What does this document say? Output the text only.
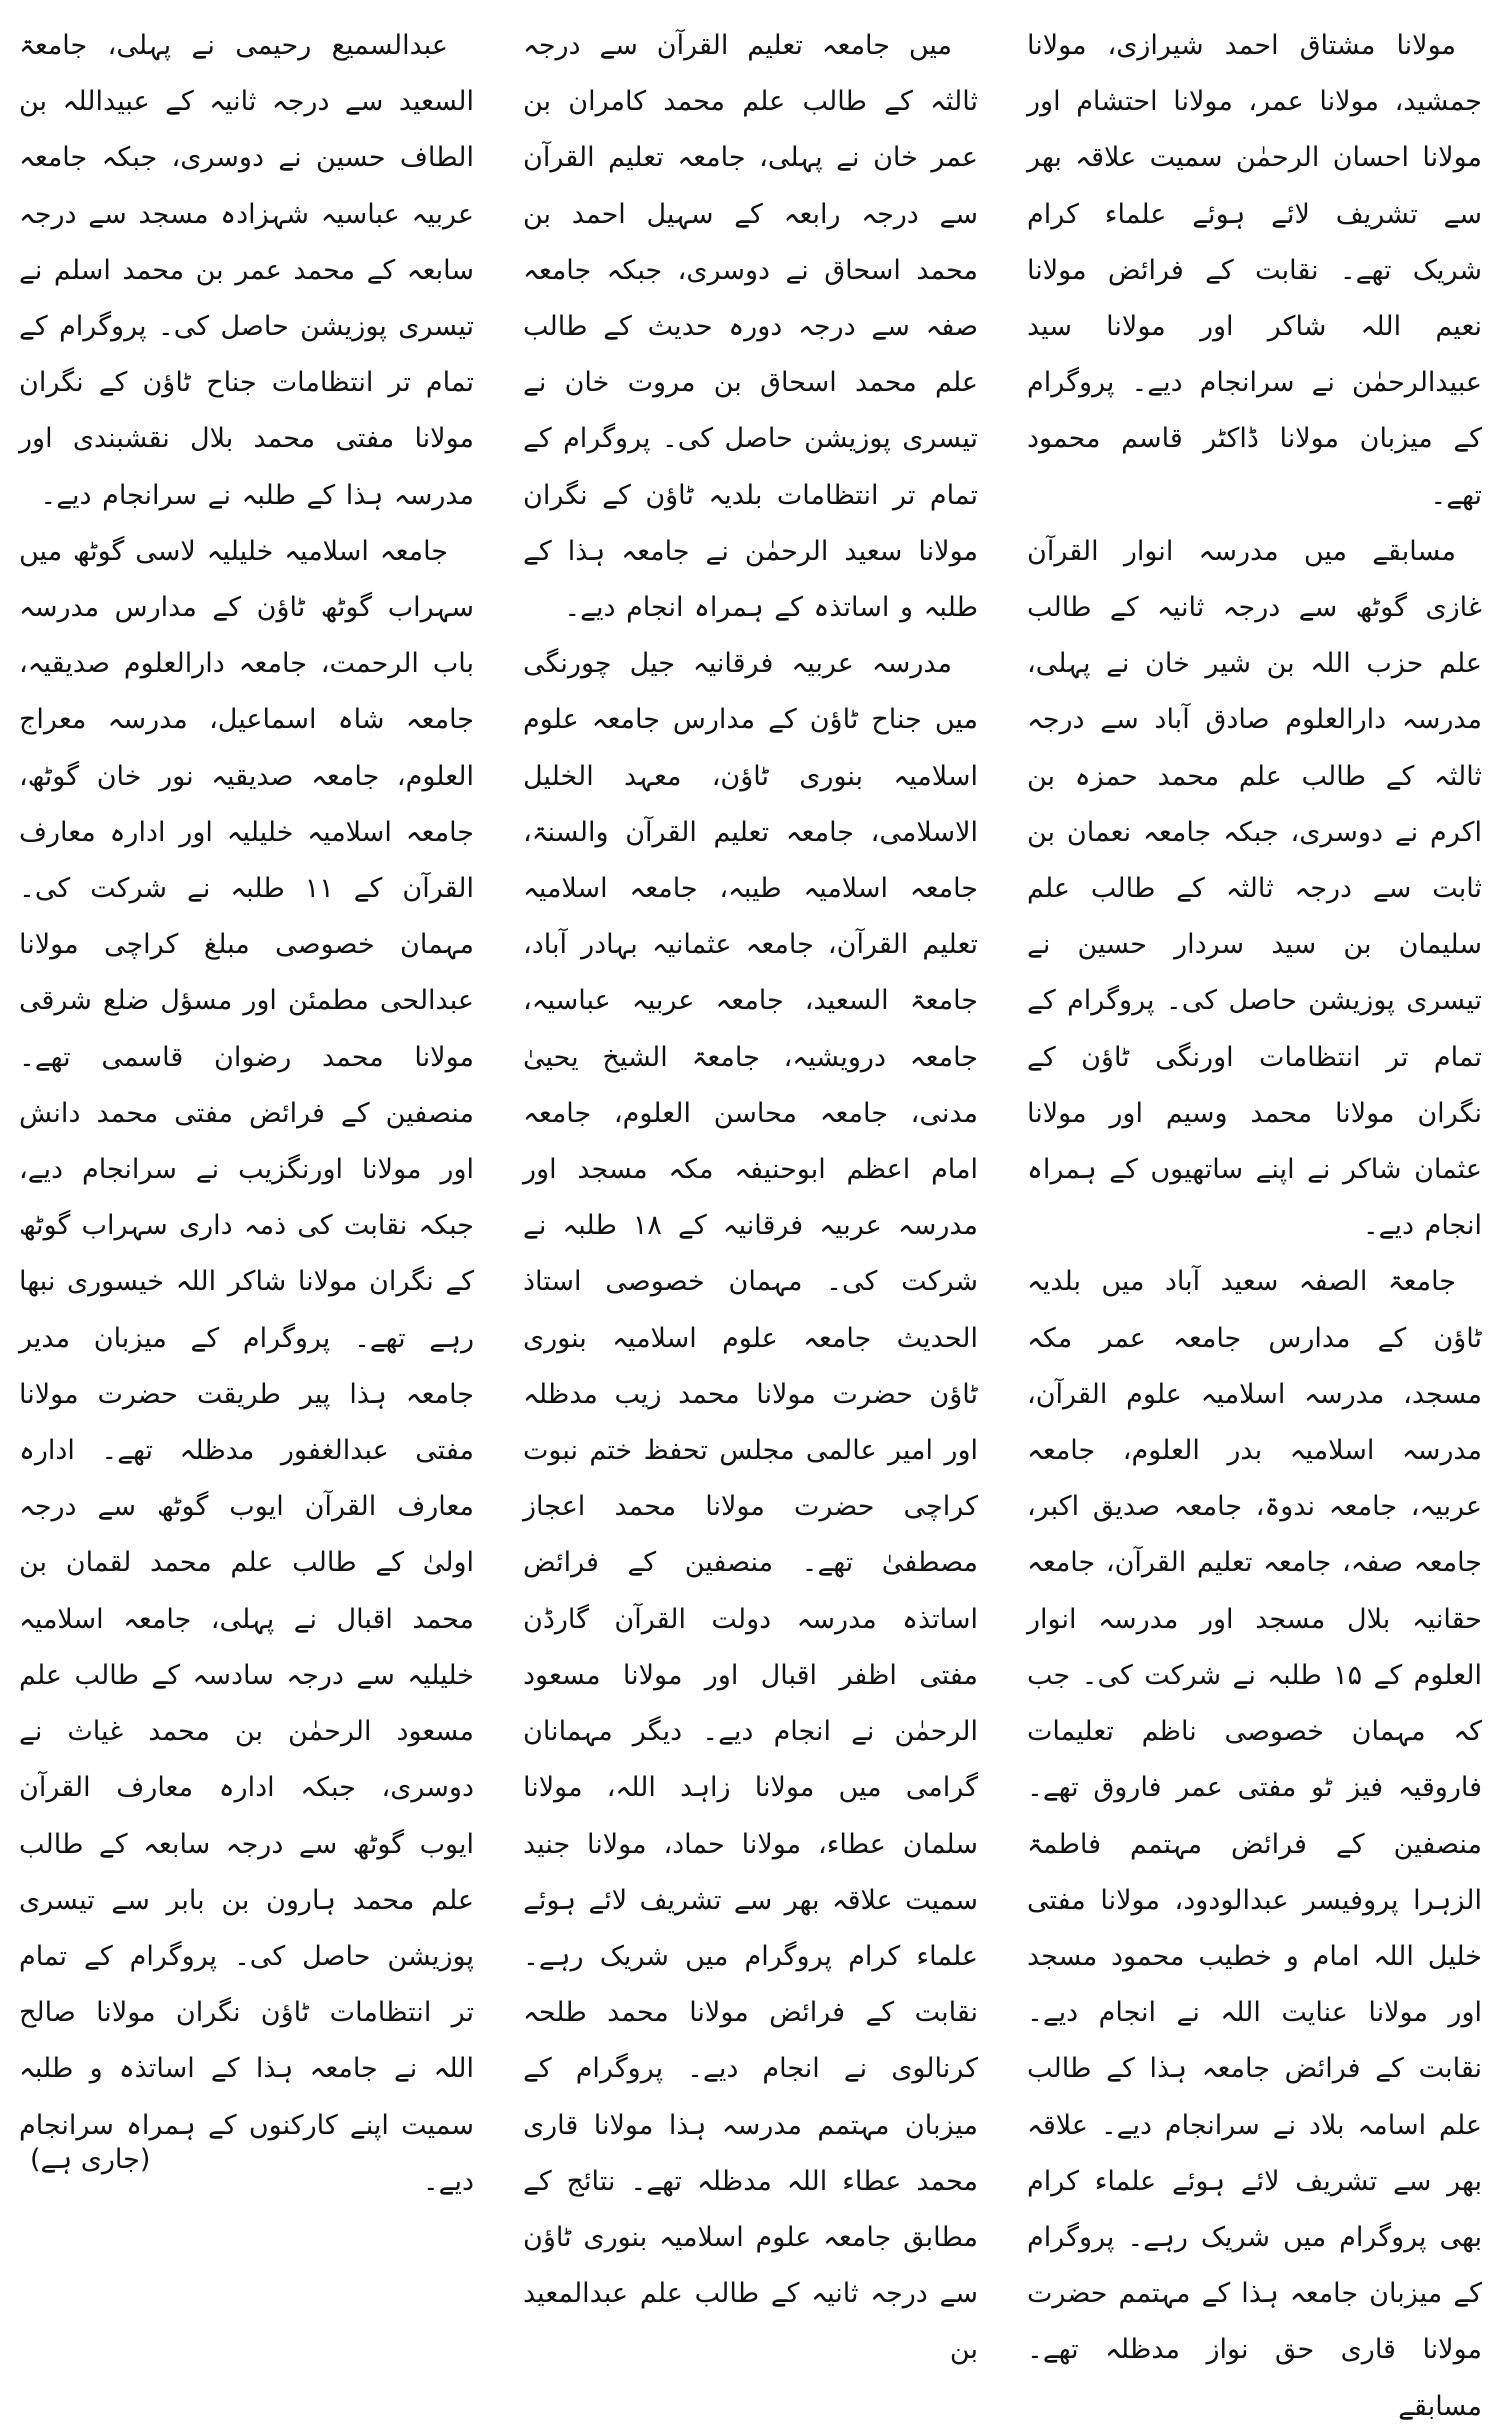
مولانا مشتاق احمد شیرازی، مولانا جمشید، مولانا عمر، مولانا احتشام اور مولانا احسان الرحمٰن سمیت علاقہ بھر سے تشریف لائے ہوئے علماء کرام شریک تھے۔ نقابت کے فرائض مولانا نعیم اللہ شاکر اور مولانا سید عبیدالرحمٰن نے سرانجام دیے۔ پروگرام کے میزبان مولانا ڈاکٹر قاسم محمود تھے۔

مسابقے میں مدرسہ انوار القرآن غازی گوٹھ سے درجہ ثانیہ کے طالب علم حزب اللہ بن شیر خان نے پہلی، مدرسہ دارالعلوم صادق آباد سے درجہ ثالثہ کے طالب علم محمد حمزہ بن اکرم نے دوسری، جبکہ جامعہ نعمان بن ثابت سے درجہ ثالثہ کے طالب علم سلیمان بن سید سردار حسین نے تیسری پوزیشن حاصل کی۔ پروگرام کے تمام تر انتظامات اورنگی ٹاؤن کے نگران مولانا محمد وسیم اور مولانا عثمان شاکر نے اپنے ساتھیوں کے ہمراہ انجام دیے۔

جامعۃ الصفہ سعید آباد میں بلدیہ ٹاؤن کے مدارس جامعہ عمر مکہ مسجد، مدرسہ اسلامیہ علوم القرآن، مدرسہ اسلامیہ بدر العلوم، جامعہ عربیہ، جامعہ ندوۃ، جامعہ صدیق اکبر، جامعہ صفہ، جامعہ تعلیم القرآن، جامعہ حقانیہ بلال مسجد اور مدرسہ انوار العلوم کے ۱۵ طلبہ نے شرکت کی۔ جب کہ مہمان خصوصی ناظم تعلیمات فاروقیہ فیز ٹو مفتی عمر فاروق تھے۔ منصفین کے فرائض مہتمم فاطمۃ الزہرا پروفیسر عبدالودود، مولانا مفتی خلیل اللہ امام و خطیب محمود مسجد اور مولانا عنایت اللہ نے انجام دیے۔ نقابت کے فرائض جامعہ ہذا کے طالب علم اسامہ بلاد نے سرانجام دیے۔ علاقہ بھر سے تشریف لائے ہوئے علماء کرام بھی پروگرام میں شریک رہے۔ پروگرام کے میزبان جامعہ ہذا کے مہتمم حضرت مولانا قاری حق نواز مدظلہ تھے۔ مسابقے

میں جامعہ تعلیم القرآن سے درجہ ثالثہ کے طالب علم محمد کامران بن عمر خان نے پہلی، جامعہ تعلیم القرآن سے درجہ رابعہ کے سہیل احمد بن محمد اسحاق نے دوسری، جبکہ جامعہ صفہ سے درجہ دورہ حدیث کے طالب علم محمد اسحاق بن مروت خان نے تیسری پوزیشن حاصل کی۔ پروگرام کے تمام تر انتظامات بلدیہ ٹاؤن کے نگران مولانا سعید الرحمٰن نے جامعہ ہذا کے طلبہ و اساتذہ کے ہمراہ انجام دیے۔

مدرسہ عربیہ فرقانیہ جیل چورنگی میں جناح ٹاؤن کے مدارس جامعہ علوم اسلامیہ بنوری ٹاؤن، معہد الخلیل الاسلامی، جامعہ تعلیم القرآن والسنۃ، جامعہ اسلامیہ طیبہ، جامعہ اسلامیہ تعلیم القرآن، جامعہ عثمانیہ بہادر آباد، جامعۃ السعید، جامعہ عربیہ عباسیہ، جامعہ درویشیہ، جامعۃ الشیخ یحییٰ مدنی، جامعہ محاسن العلوم، جامعہ امام اعظم ابوحنیفہ مکہ مسجد اور مدرسہ عربیہ فرقانیہ کے ۱۸ طلبہ نے شرکت کی۔ مہمان خصوصی استاذ الحدیث جامعہ علوم اسلامیہ بنوری ٹاؤن حضرت مولانا محمد زیب مدظلہ اور امیر عالمی مجلس تحفظ ختم نبوت کراچی حضرت مولانا محمد اعجاز مصطفیٰ تھے۔ منصفین کے فرائض اساتذہ مدرسہ دولت القرآن گارڈن مفتی اظفر اقبال اور مولانا مسعود الرحمٰن نے انجام دیے۔ دیگر مہمانان گرامی میں مولانا زاہد اللہ، مولانا سلمان عطاء، مولانا حماد، مولانا جنید سمیت علاقہ بھر سے تشریف لائے ہوئے علماء کرام پروگرام میں شریک رہے۔ نقابت کے فرائض مولانا محمد طلحہ کرنالوی نے انجام دیے۔ پروگرام کے میزبان مہتمم مدرسہ ہذا مولانا قاری محمد عطاء اللہ مدظلہ تھے۔ نتائج کے مطابق جامعہ علوم اسلامیہ بنوری ٹاؤن سے درجہ ثانیہ کے طالب علم عبدالمعید بن

عبدالسمیع رحیمی نے پہلی، جامعۃ السعید سے درجہ ثانیہ کے عبیداللہ بن الطاف حسین نے دوسری، جبکہ جامعہ عربیہ عباسیہ شہزادہ مسجد سے درجہ سابعہ کے محمد عمر بن محمد اسلم نے تیسری پوزیشن حاصل کی۔ پروگرام کے تمام تر انتظامات جناح ٹاؤن کے نگران مولانا مفتی محمد بلال نقشبندی اور مدرسہ ہذا کے طلبہ نے سرانجام دیے۔

جامعہ اسلامیہ خلیلیہ لاسی گوٹھ میں سہراب گوٹھ ٹاؤن کے مدارس مدرسہ باب الرحمت، جامعہ دارالعلوم صدیقیہ، جامعہ شاہ اسماعیل، مدرسہ معراج العلوم، جامعہ صدیقیہ نور خان گوٹھ، جامعہ اسلامیہ خلیلیہ اور ادارہ معارف القرآن کے ۱۱ طلبہ نے شرکت کی۔ مہمان خصوصی مبلغ کراچی مولانا عبدالحی مطمئن اور مسؤل ضلع شرقی مولانا محمد رضوان قاسمی تھے۔ منصفین کے فرائض مفتی محمد دانش اور مولانا اورنگزیب نے سرانجام دیے، جبکہ نقابت کی ذمہ داری سہراب گوٹھ کے نگران مولانا شاکر اللہ خیسوری نبھا رہے تھے۔ پروگرام کے میزبان مدیر جامعہ ہذا پیر طریقت حضرت مولانا مفتی عبدالغفور مدظلہ تھے۔ ادارہ معارف القرآن ایوب گوٹھ سے درجہ اولیٰ کے طالب علم محمد لقمان بن محمد اقبال نے پہلی، جامعہ اسلامیہ خلیلیہ سے درجہ سادسہ کے طالب علم مسعود الرحمٰن بن محمد غیاث نے دوسری، جبکہ ادارہ معارف القرآن ایوب گوٹھ سے درجہ سابعہ کے طالب علم محمد ہارون بن بابر سے تیسری پوزیشن حاصل کی۔ پروگرام کے تمام تر انتظامات ٹاؤن نگران مولانا صالح اللہ نے جامعہ ہذا کے اساتذہ و طلبہ سمیت اپنے کارکنوں کے ہمراہ سرانجام دیے۔

(جاری ہے)
